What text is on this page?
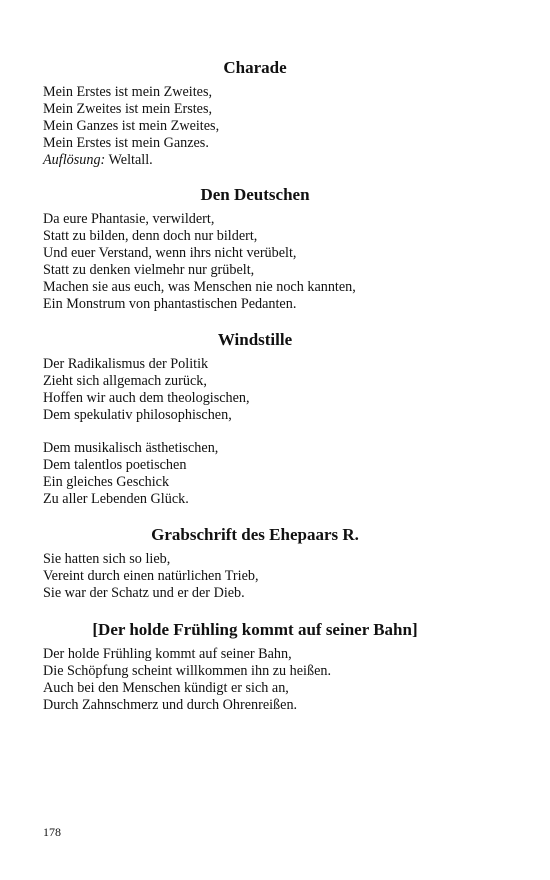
Charade
Mein Erstes ist mein Zweites,
Mein Zweites ist mein Erstes,
Mein Ganzes ist mein Zweites,
Mein Erstes ist mein Ganzes.
Auflösung: Weltall.
Den Deutschen
Da eure Phantasie, verwildert,
Statt zu bilden, denn doch nur bildert,
Und euer Verstand, wenn ihrs nicht verübelt,
Statt zu denken vielmehr nur grübelt,
Machen sie aus euch, was Menschen nie noch kannten,
Ein Monstrum von phantastischen Pedanten.
Windstille
Der Radikalismus der Politik
Zieht sich allgemach zurück,
Hoffen wir auch dem theologischen,
Dem spekulativ philosophischen,
Dem musikalisch ästhetischen,
Dem talentlos poetischen
Ein gleiches Geschick
Zu aller Lebenden Glück.
Grabschrift des Ehepaars R.
Sie hatten sich so lieb,
Vereint durch einen natürlichen Trieb,
Sie war der Schatz und er der Dieb.
[Der holde Frühling kommt auf seiner Bahn]
Der holde Frühling kommt auf seiner Bahn,
Die Schöpfung scheint willkommen ihn zu heißen.
Auch bei den Menschen kündigt er sich an,
Durch Zahnschmerz und durch Ohrenreißen.
178
